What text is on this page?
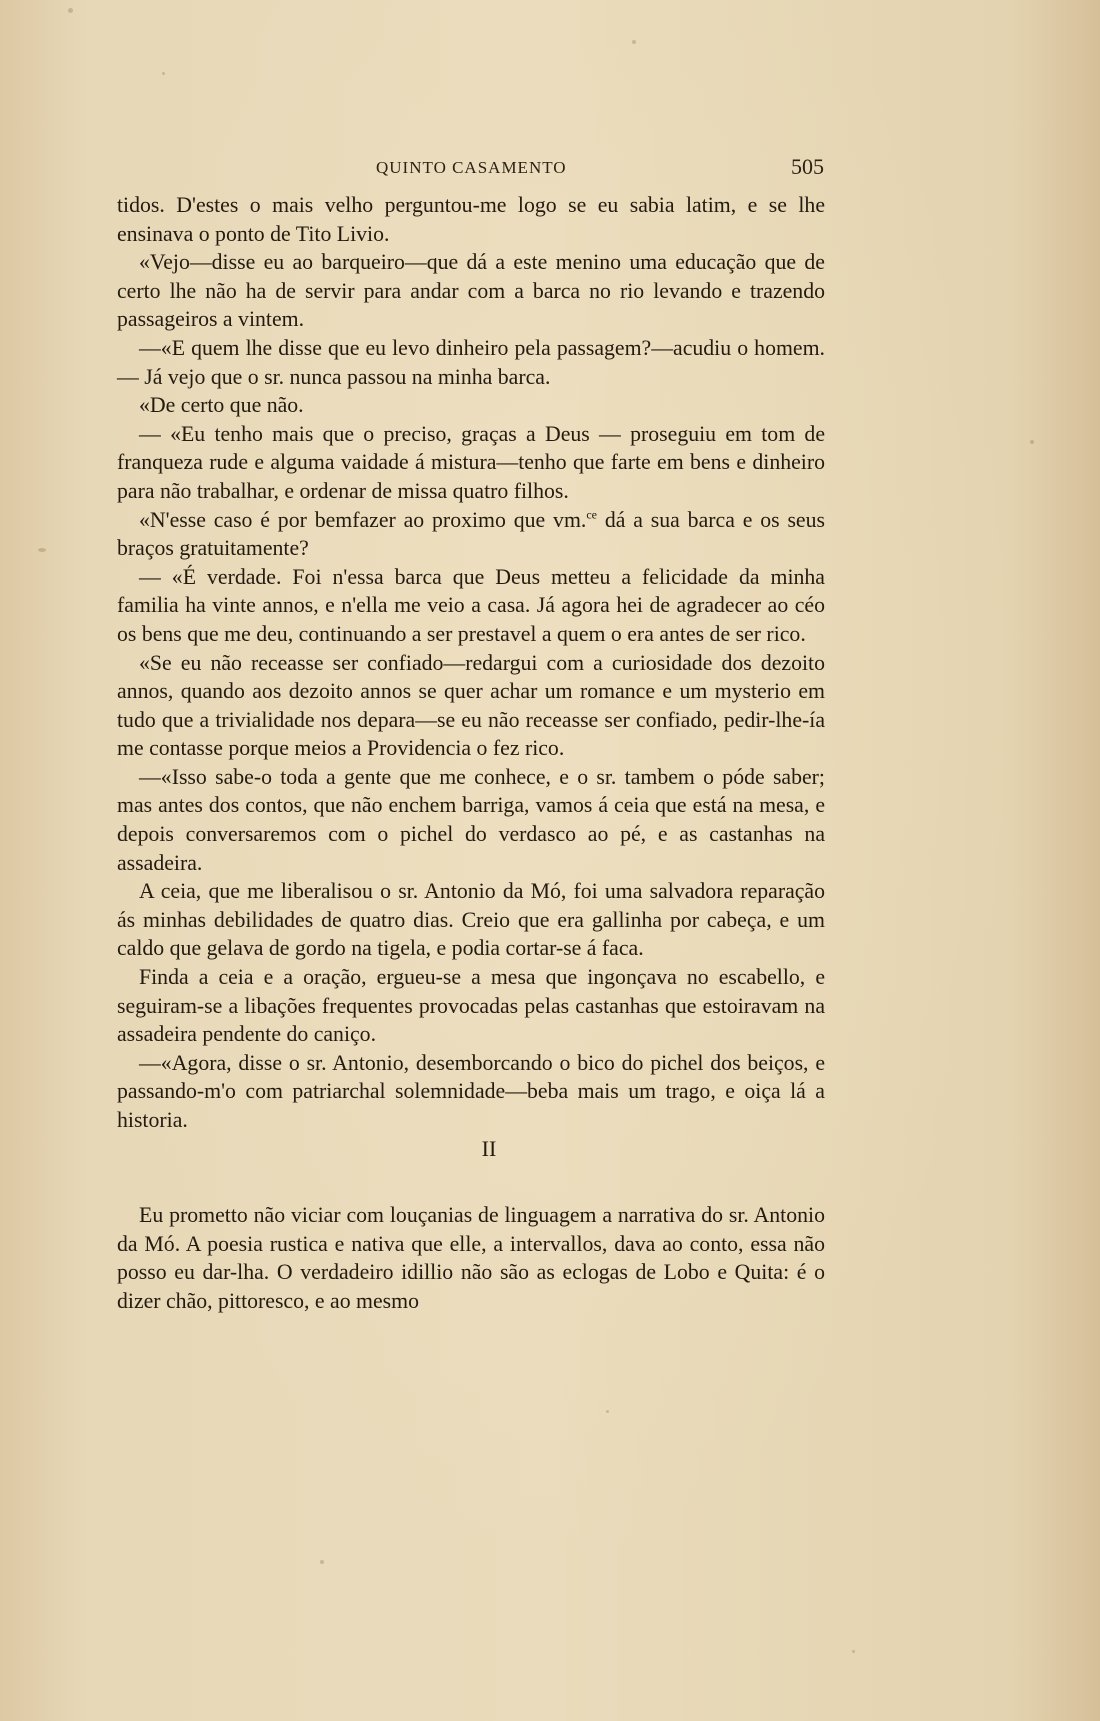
QUINTO CASAMENTO	505

tidos. D'estes o mais velho perguntou-me logo se eu sabia latim, e se lhe ensinava o ponto de Tito Livio.

«Vejo—disse eu ao barqueiro—que dá a este menino uma educação que de certo lhe não ha de servir para andar com a barca no rio levando e trazendo passageiros a vintem.

—«E quem lhe disse que eu levo dinheiro pela passagem?—acudiu o homem. — Já vejo que o sr. nunca passou na minha barca.

«De certo que não.

— «Eu tenho mais que o preciso, graças a Deus — proseguiu em tom de franqueza rude e alguma vaidade á mistura—tenho que farte em bens e dinheiro para não trabalhar, e ordenar de missa quatro filhos.

«N'esse caso é por bemfazer ao proximo que vm.$^{ce}$ dá a sua barca e os seus braços gratuitamente?

— «É verdade. Foi n'essa barca que Deus metteu a felicidade da minha familia ha vinte annos, e n'ella me veio a casa. Já agora hei de agradecer ao céo os bens que me deu, continuando a ser prestavel a quem o era antes de ser rico.

«Se eu não receasse ser confiado—redargui com a curiosidade dos dezoito annos, quando aos dezoito annos se quer achar um romance e um mysterio em tudo que a trivialidade nos depara—se eu não receasse ser confiado, pedir-lhe-ía me contasse porque meios a Providencia o fez rico.

—«Isso sabe-o toda a gente que me conhece, e o sr. tambem o póde saber; mas antes dos contos, que não enchem barriga, vamos á ceia que está na mesa, e depois conversaremos com o pichel do verdasco ao pé, e as castanhas na assadeira.

A ceia, que me liberalisou o sr. Antonio da Mó, foi uma salvadora reparação ás minhas debilidades de quatro dias. Creio que era gallinha por cabeça, e um caldo que gelava de gordo na tigela, e podia cortar-se á faca.

Finda a ceia e a oração, ergueu-se a mesa que ingonçava no escabello, e seguiram-se a libações frequentes provocadas pelas castanhas que estoiravam na assadeira pendente do caniço.

—«Agora, disse o sr. Antonio, desemborcando o bico do pichel dos beiços, e passando-m'o com patriarchal solemnidade—beba mais um trago, e oiça lá a historia.

II

Eu prometto não viciar com louçanias de linguagem a narrativa do sr. Antonio da Mó. A poesia rustica e nativa que elle, a intervallos, dava ao conto, essa não posso eu dar-lha. O verdadeiro idillio não são as eclogas de Lobo e Quita: é o dizer chão, pittoresco, e ao mesmo
